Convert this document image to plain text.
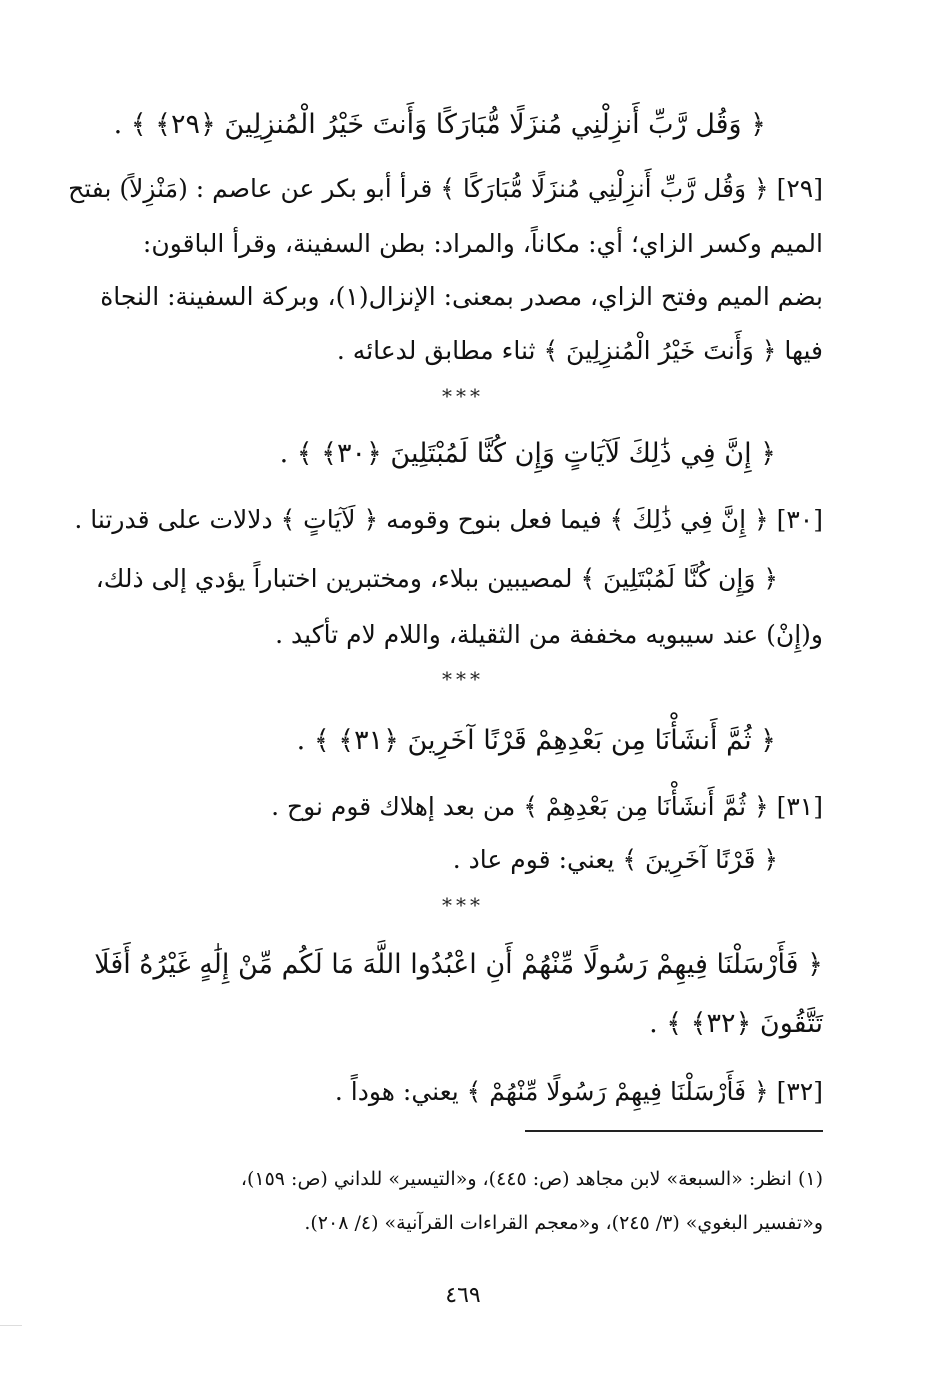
﴿ وَقُل رَّبِّ أَنزِلْنِي مُنزَلًا مُّبَارَكًا وَأَنتَ خَيْرُ الْمُنزِلِينَ ﴿٢٩﴾ ﴾ .
[٢٩] ﴿ وَقُل رَّبِّ أَنزِلْنِي مُنزَلًا مُّبَارَكًا ﴾ قرأ أبو بكر عن عاصم : (مَنْزِلاً) بفتح
الميم وكسر الزاي؛ أي: مكاناً، والمراد: بطن السفينة، وقرأ الباقون:
بضم الميم وفتح الزاي، مصدر بمعنى: الإنزال(١)، وبركة السفينة: النجاة
فيها ﴿ وَأَنتَ خَيْرُ الْمُنزِلِينَ ﴾ ثناء مطابق لدعائه .
***
﴿ إِنَّ فِي ذَٰلِكَ لَآيَاتٍ وَإِن كُنَّا لَمُبْتَلِينَ ﴿٣٠﴾ ﴾ .
[٣٠] ﴿ إِنَّ فِي ذَٰلِكَ ﴾ فيما فعل بنوح وقومه ﴿ لَآيَاتٍ ﴾ دلالات على قدرتنا .
﴿ وَإِن كُنَّا لَمُبْتَلِينَ ﴾ لمصيبين ببلاء، ومختبرين اختباراً يؤدي إلى ذلك،
و(إِنْ) عند سيبويه مخففة من الثقيلة، واللام لام تأكيد .
***
﴿ ثُمَّ أَنشَأْنَا مِن بَعْدِهِمْ قَرْنًا آخَرِينَ ﴿٣١﴾ ﴾ .
[٣١] ﴿ ثُمَّ أَنشَأْنَا مِن بَعْدِهِمْ ﴾ من بعد إهلاك قوم نوح .
﴿ قَرْنًا آخَرِينَ ﴾ يعني: قوم عاد .
***
﴿ فَأَرْسَلْنَا فِيهِمْ رَسُولًا مِّنْهُمْ أَنِ اعْبُدُوا اللَّهَ مَا لَكُم مِّنْ إِلَٰهٍ غَيْرُهُ أَفَلَا
تَتَّقُونَ ﴿٣٢﴾ ﴾ .
[٣٢] ﴿ فَأَرْسَلْنَا فِيهِمْ رَسُولًا مِّنْهُمْ ﴾ يعني: هوداً .
(١) انظر: «السبعة» لابن مجاهد (ص: ٤٤٥)، و«التيسير» للداني (ص: ١٥٩)،
و«تفسير البغوي» (٣/ ٢٤٥)، و«معجم القراءات القرآنية» (٤/ ٢٠٨).
٤٦٩
